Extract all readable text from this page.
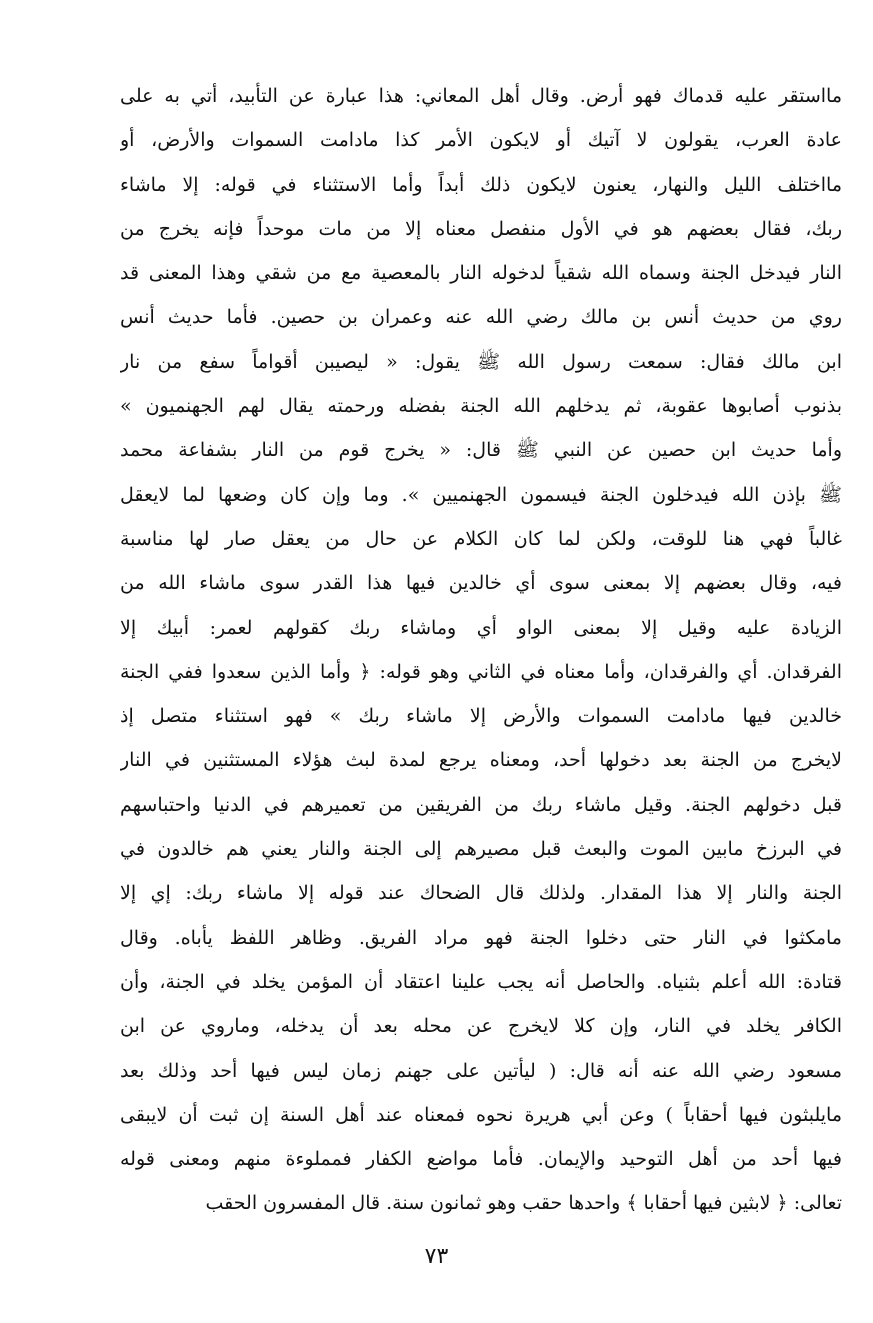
مااستقر عليه قدماك فهو أرض. وقال أهل المعاني: هذا عبارة عن التأبيد، أتي به على
عادة العرب، يقولون لا آتيك أو لايكون الأمر كذا مادامت السموات والأرض، أو
مااختلف الليل والنهار، يعنون لايكون ذلك أبداً وأما الاستثناء في قوله: إلا ماشاء
ربك، فقال بعضهم هو في الأول منفصل معناه إلا من مات موحداً فإنه يخرج من
النار فيدخل الجنة وسماه الله شقياً لدخوله النار بالمعصية مع من شقي وهذا المعنى قد
روي من حديث أنس بن مالك رضي الله عنه وعمران بن حصين. فأما حديث أنس
ابن مالك فقال: سمعت رسول الله ﷺ يقول: « ليصيبن أقواماً سفع من نار
بذنوب أصابوها عقوبة، ثم يدخلهم الله الجنة بفضله ورحمته يقال لهم الجهنميون »
وأما حديث ابن حصين عن النبي ﷺ قال: « يخرج قوم من النار بشفاعة محمد
ﷺ بإذن الله فيدخلون الجنة فيسمون الجهنميين ». وما وإن كان وضعها لما لايعقل
غالباً فهي هنا للوقت، ولكن لما كان الكلام عن حال من يعقل صار لها مناسبة
فيه، وقال بعضهم إلا بمعنى سوى أي خالدين فيها هذا القدر سوى ماشاء الله من
الزيادة عليه وقيل إلا بمعنى الواو أي وماشاء ربك كقولهم لعمر: أبيك إلا
الفرقدان. أي والفرقدان، وأما معناه في الثاني وهو قوله: ﴿ وأما الذين سعدوا ففي الجنة
خالدين فيها مادامت السموات والأرض إلا ماشاء ربك » فهو استثناء متصل إذ
لايخرج من الجنة بعد دخولها أحد، ومعناه يرجع لمدة لبث هؤلاء المستثنين في النار
قبل دخولهم الجنة. وقيل ماشاء ربك من الفريقين من تعميرهم في الدنيا واحتباسهم
في البرزخ مابين الموت والبعث قبل مصيرهم إلى الجنة والنار يعني هم خالدون في
الجنة والنار إلا هذا المقدار. ولذلك قال الضحاك عند قوله إلا ماشاء ربك: إي إلا
مامكثوا في النار حتى دخلوا الجنة فهو مراد الفريق. وظاهر اللفظ يأباه. وقال
قتادة: الله أعلم بثنياه. والحاصل أنه يجب علينا اعتقاد أن المؤمن يخلد في الجنة، وأن
الكافر يخلد في النار، وإن كلا لايخرج عن محله بعد أن يدخله، وماروي عن ابن
مسعود رضي الله عنه أنه قال: ( ليأتين على جهنم زمان ليس فيها أحد وذلك بعد
مايلبثون فيها أحقاباً ) وعن أبي هريرة نحوه فمعناه عند أهل السنة إن ثبت أن لايبقى
فيها أحد من أهل التوحيد والإيمان. فأما مواضع الكفار فمملوءة منهم ومعنى قوله
تعالى: ﴿ لابثين فيها أحقابا ﴾ واحدها حقب وهو ثمانون سنة. قال المفسرون الحقب
٧٣
